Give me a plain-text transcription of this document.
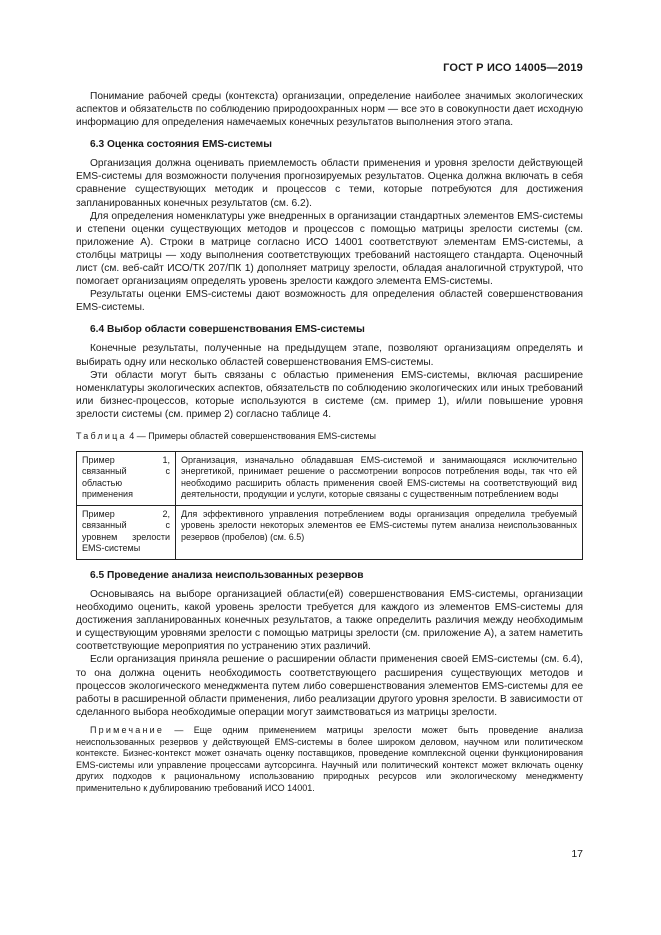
ГОСТ Р ИСО 14005—2019

Понимание рабочей среды (контекста) организации, определение наиболее значимых экологических аспектов и обязательств по соблюдению природоохранных норм — все это в совокупности дает исходную информацию для определения намечаемых конечных результатов выполнения этого этапа.

6.3 Оценка состояния EMS-системы

Организация должна оценивать приемлемость области применения и уровня зрелости действующей EMS-системы для возможности получения прогнозируемых результатов. Оценка должна включать в себя сравнение существующих методик и процессов с теми, которые потребуются для достижения запланированных конечных результатов (см. 6.2).

Для определения номенклатуры уже внедренных в организации стандартных элементов EMS-системы и степени оценки существующих методов и процессов с помощью матрицы зрелости системы (см. приложение А). Строки в матрице согласно ИСО 14001 соответствуют элементам EMS-системы, а столбцы матрицы — ходу выполнения соответствующих требований настоящего стандарта. Оценочный лист (см. веб-сайт ИСО/ТК 207/ПК 1) дополняет матрицу зрелости, обладая аналогичной структурой, что помогает организациям определять уровень зрелости каждого элемента EMS-системы.

Результаты оценки EMS-системы дают возможность для определения областей совершенствования EMS-системы.

6.4 Выбор области совершенствования EMS-системы

Конечные результаты, полученные на предыдущем этапе, позволяют организациям определять и выбирать одну или несколько областей совершенствования EMS-системы.

Эти области могут быть связаны с областью применения EMS-системы, включая расширение номенклатуры экологических аспектов, обязательств по соблюдению экологических или иных требований или бизнес-процессов, которые используются в системе (см. пример 1), и/или повышение уровня зрелости системы (см. пример 2) согласно таблице 4.

Таблица 4 — Примеры областей совершенствования EMS-системы
Пример 1, связанный с областью применения	Организация, изначально обладавшая EMS-системой и занимающаяся исключительно энергетикой, принимает решение о рассмотрении вопросов потребления воды, так что ей необходимо расширить область применения своей EMS-системы на соответствующий вид деятельности, продукции и услуги, которые связаны с существенным потреблением воды
Пример 2, связанный с уровнем зрелости EMS-системы	Для эффективного управления потреблением воды организация определила требуемый уровень зрелости некоторых элементов ее EMS-системы путем анализа неиспользованных резервов (пробелов) (см. 6.5)
6.5 Проведение анализа неиспользованных резервов

Основываясь на выборе организацией области(ей) совершенствования EMS-системы, организации необходимо оценить, какой уровень зрелости требуется для каждого из элементов EMS-системы для достижения запланированных конечных результатов, а также определить различия между необходимым и существующим уровнями зрелости с помощью матрицы зрелости (см. приложение А), а затем наметить соответствующие мероприятия по устранению этих различий.

Если организация приняла решение о расширении области применения своей EMS-системы (см. 6.4), то она должна оценить необходимость соответствующего расширения существующих методов и процессов экологического менеджмента путем либо совершенствования элементов EMS-системы для ее работы в расширенной области применения, либо реализации другого уровня зрелости. В зависимости от сделанного выбора необходимые операции могут заимствоваться из матрицы зрелости.

Примечание — Еще одним применением матрицы зрелости может быть проведение анализа неиспользованных резервов у действующей EMS-системы в более широком деловом, научном или политическом контексте. Бизнес-контекст может означать оценку поставщиков, проведение комплексной оценки функционирования EMS-системы или управление процессами аутсорсинга. Научный или политический контекст может включать оценку других подходов к рациональному использованию природных ресурсов или экологическому менеджменту применительно к дублированию требований ИСО 14001.
17
